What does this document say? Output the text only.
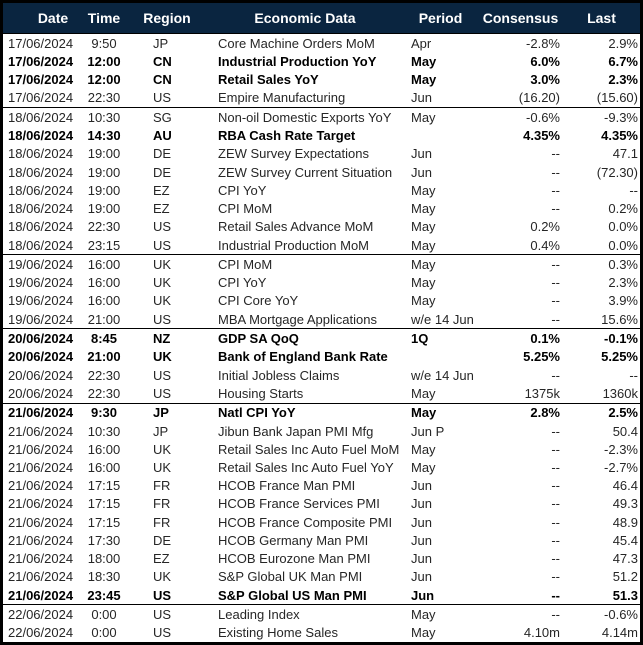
Date	Time	Region	Economic Data	Period	Consensus	Last
17/06/2024	9:50	JP	Core Machine Orders MoM	Apr	-2.8%	2.9%
17/06/2024	12:00	CN	Industrial Production YoY	May	6.0%	6.7%
17/06/2024	12:00	CN	Retail Sales YoY	May	3.0%	2.3%
17/06/2024	22:30	US	Empire Manufacturing	Jun	(16.20)	(15.60)
18/06/2024	10:30	SG	Non-oil Domestic Exports YoY	May	-0.6%	-9.3%
18/06/2024	14:30	AU	RBA Cash Rate Target		4.35%	4.35%
18/06/2024	19:00	DE	ZEW Survey Expectations	Jun	--	47.1
18/06/2024	19:00	DE	ZEW Survey Current Situation	Jun	--	(72.30)
18/06/2024	19:00	EZ	CPI YoY	May	--	--
18/06/2024	19:00	EZ	CPI MoM	May	--	0.2%
18/06/2024	22:30	US	Retail Sales Advance MoM	May	0.2%	0.0%
18/06/2024	23:15	US	Industrial Production MoM	May	0.4%	0.0%
19/06/2024	16:00	UK	CPI MoM	May	--	0.3%
19/06/2024	16:00	UK	CPI YoY	May	--	2.3%
19/06/2024	16:00	UK	CPI Core YoY	May	--	3.9%
19/06/2024	21:00	US	MBA Mortgage Applications	w/e 14 Jun	--	15.6%
20/06/2024	8:45	NZ	GDP SA QoQ	1Q	0.1%	-0.1%
20/06/2024	21:00	UK	Bank of England Bank Rate		5.25%	5.25%
20/06/2024	22:30	US	Initial Jobless Claims	w/e 14 Jun	--	--
20/06/2024	22:30	US	Housing Starts	May	1375k	1360k
21/06/2024	9:30	JP	Natl CPI YoY	May	2.8%	2.5%
21/06/2024	10:30	JP	Jibun Bank Japan PMI Mfg	Jun P	--	50.4
21/06/2024	16:00	UK	Retail Sales Inc Auto Fuel MoM	May	--	-2.3%
21/06/2024	16:00	UK	Retail Sales Inc Auto Fuel YoY	May	--	-2.7%
21/06/2024	17:15	FR	HCOB France Man PMI	Jun	--	46.4
21/06/2024	17:15	FR	HCOB France Services PMI	Jun	--	49.3
21/06/2024	17:15	FR	HCOB France Composite PMI	Jun	--	48.9
21/06/2024	17:30	DE	HCOB Germany Man PMI	Jun	--	45.4
21/06/2024	18:00	EZ	HCOB Eurozone Man PMI	Jun	--	47.3
21/06/2024	18:30	UK	S&P Global UK Man PMI	Jun	--	51.2
21/06/2024	23:45	US	S&P Global US Man PMI	Jun	--	51.3
22/06/2024	0:00	US	Leading Index	May	--	-0.6%
22/06/2024	0:00	US	Existing Home Sales	May	4.10m	4.14m
